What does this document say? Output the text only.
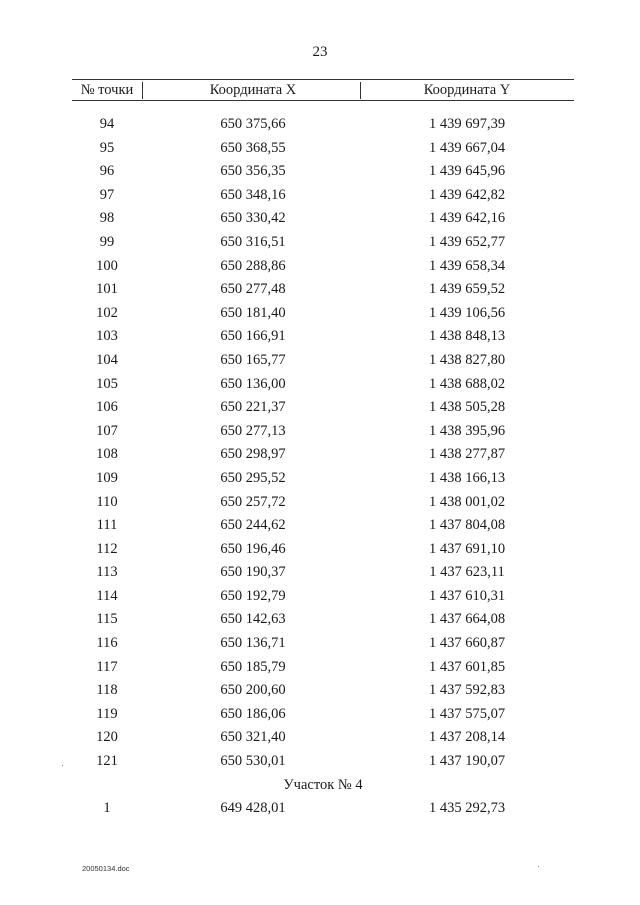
23
№ точки	Координата X	Координата Y
94	650 375,66	1 439 697,39
95	650 368,55	1 439 667,04
96	650 356,35	1 439 645,96
97	650 348,16	1 439 642,82
98	650 330,42	1 439 642,16
99	650 316,51	1 439 652,77
100	650 288,86	1 439 658,34
101	650 277,48	1 439 659,52
102	650 181,40	1 439 106,56
103	650 166,91	1 438 848,13
104	650 165,77	1 438 827,80
105	650 136,00	1 438 688,02
106	650 221,37	1 438 505,28
107	650 277,13	1 438 395,96
108	650 298,97	1 438 277,87
109	650 295,52	1 438 166,13
110	650 257,72	1 438 001,02
111	650 244,62	1 437 804,08
112	650 196,46	1 437 691,10
113	650 190,37	1 437 623,11
114	650 192,79	1 437 610,31
115	650 142,63	1 437 664,08
116	650 136,71	1 437 660,87
117	650 185,79	1 437 601,85
118	650 200,60	1 437 592,83
119	650 186,06	1 437 575,07
120	650 321,40	1 437 208,14
121	650 530,01	1 437 190,07
Участок № 4
1	649 428,01	1 435 292,73
20050134.doc
